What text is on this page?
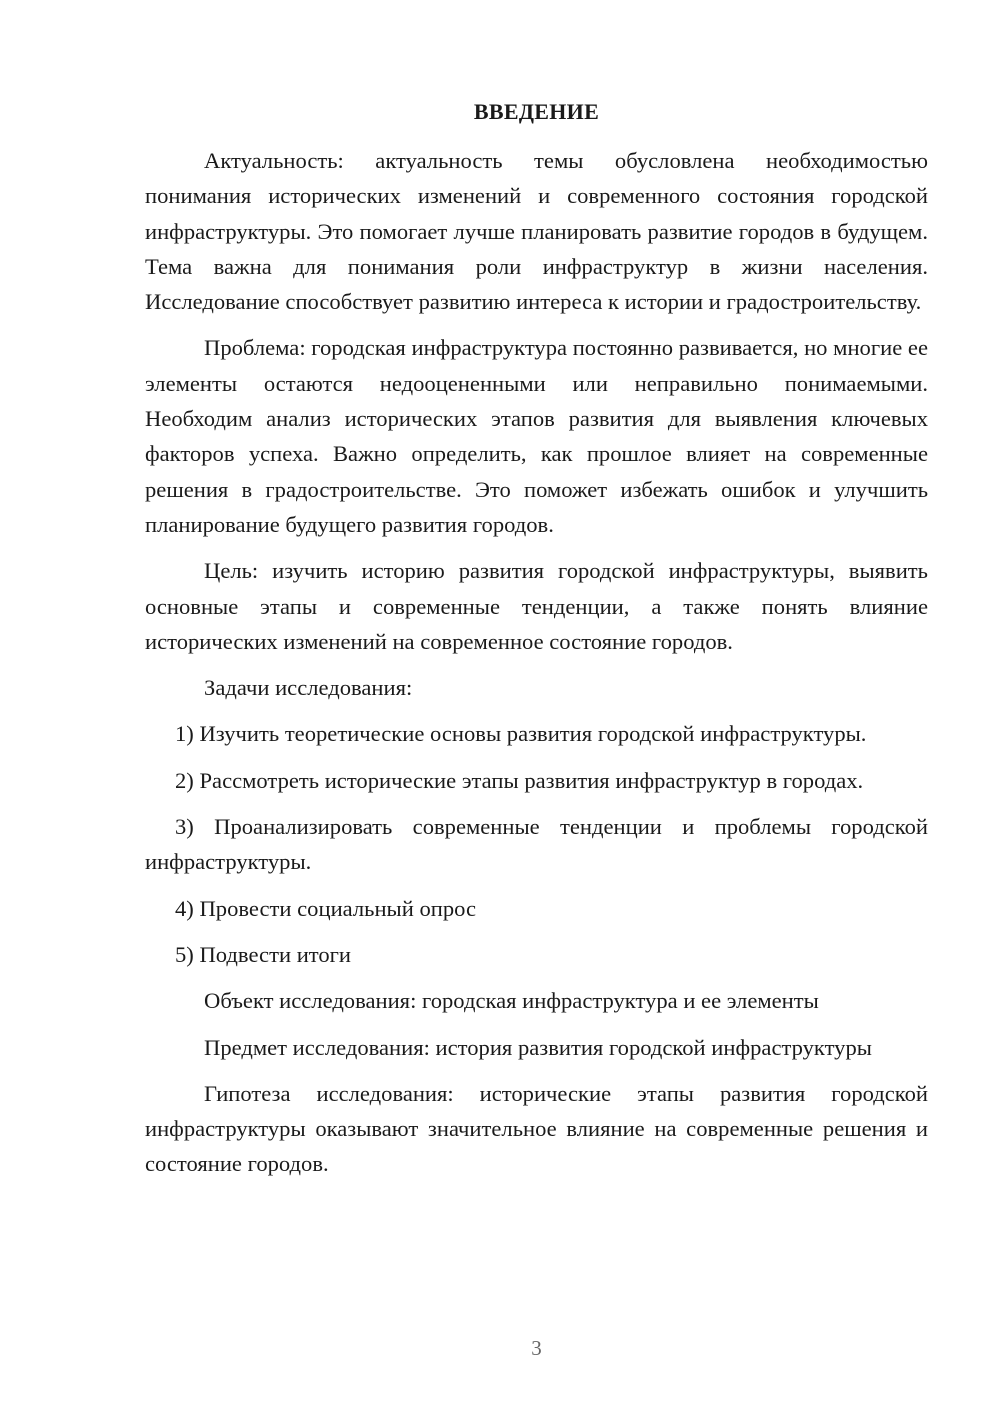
ВВЕДЕНИЕ

Актуальность: актуальность темы обусловлена необходимостью понимания исторических изменений и современного состояния городской инфраструктуры. Это помогает лучше планировать развитие городов в будущем. Тема важна для понимания роли инфраструктур в жизни населения. Исследование способствует развитию интереса к истории и градостроительству.

Проблема: городская инфраструктура постоянно развивается, но многие ее элементы остаются недооцененными или неправильно понимаемыми. Необходим анализ исторических этапов развития для выявления ключевых факторов успеха. Важно определить, как прошлое влияет на современные решения в градостроительстве. Это поможет избежать ошибок и улучшить планирование будущего развития городов.

Цель: изучить историю развития городской инфраструктуры, выявить основные этапы и современные тенденции, а также понять влияние исторических изменений на современное состояние городов.

Задачи исследования:

1) Изучить теоретические основы развития городской инфраструктуры.

2) Рассмотреть исторические этапы развития инфраструктур в городах.

3) Проанализировать современные тенденции и проблемы городской инфраструктуры.

4) Провести социальный опрос

5) Подвести итоги

Объект исследования: городская инфраструктура и ее элементы

Предмет исследования: история развития городской инфраструктуры

Гипотеза исследования: исторические этапы развития городской инфраструктуры оказывают значительное влияние на современные решения и состояние городов.

3
